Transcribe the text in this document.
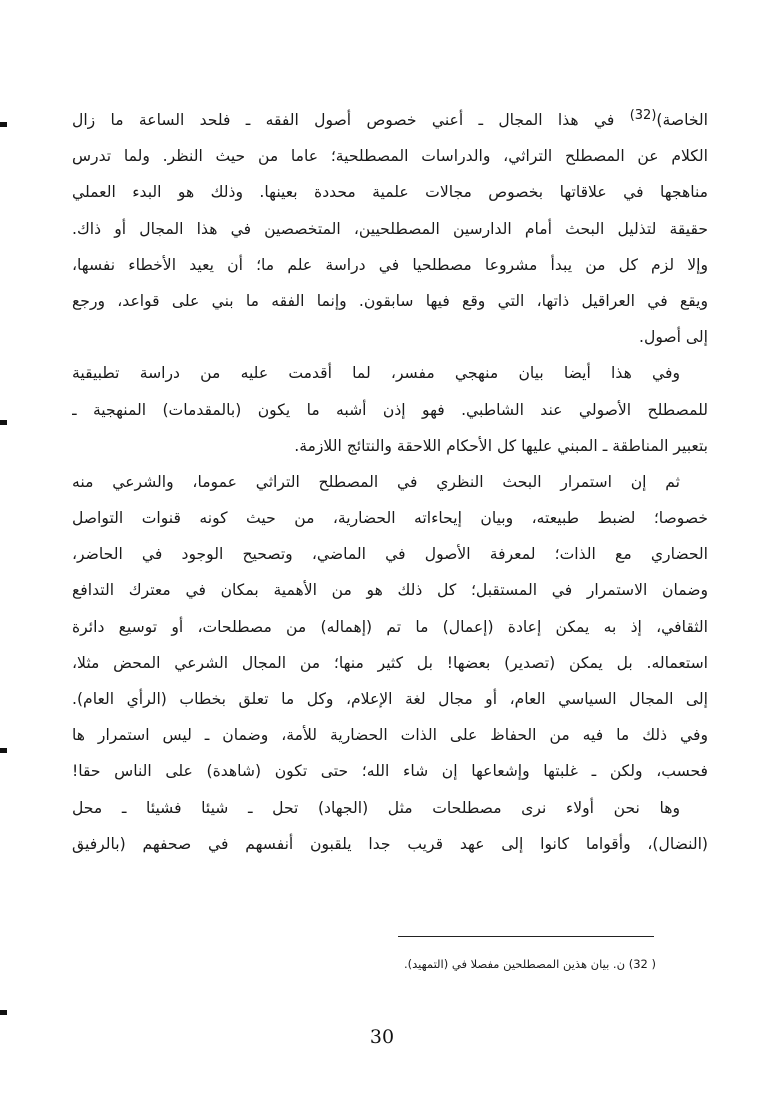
الخاصة)$^{(32)}$ في هذا المجال ـ أعني خصوص أصول الفقه ـ فلحد الساعة ما زال
الكلام عن المصطلح التراثي، والدراسات المصطلحية؛ عاما من حيث النظر. ولما تدرس
مناهجها في علاقاتها بخصوص مجالات علمية محددة بعينها. وذلك هو البدء العملي
حقيقة لتذليل البحث أمام الدارسين المصطلحيين، المتخصصين في هذا المجال أو ذاك.
وإلا لزم كل من يبدأ مشروعا مصطلحيا في دراسة علم ما؛ أن يعيد الأخطاء نفسها،
ويقع في العراقيل ذاتها، التي وقع فيها سابقون. وإنما الفقه ما بني على قواعد، ورجع
إلى أصول.
وفي هذا أيضا بيان منهجي مفسر، لما أقدمت عليه من دراسة تطبيقية
للمصطلح الأصولي عند الشاطبي. فهو إذن أشبه ما يكون (بالمقدمات) المنهجية ـ
بتعبير المناطقة ـ المبني عليها كل الأحكام اللاحقة والنتائج اللازمة.
ثم إن استمرار البحث النظري في المصطلح التراثي عموما، والشرعي منه
خصوصا؛ لضبط طبيعته، وبيان إيحاءاته الحضارية، من حيث كونه قنوات التواصل
الحضاري مع الذات؛ لمعرفة الأصول في الماضي، وتصحيح الوجود في الحاضر،
وضمان الاستمرار في المستقبل؛ كل ذلك هو من الأهمية بمكان في معترك التدافع
الثقافي، إذ به يمكن إعادة (إعمال) ما تم (إهماله) من مصطلحات، أو توسيع دائرة
استعماله. بل يمكن (تصدير) بعضها! بل كثير منها؛ من المجال الشرعي المحض مثلا،
إلى المجال السياسي العام، أو مجال لغة الإعلام، وكل ما تعلق بخطاب (الرأي العام).
وفي ذلك ما فيه من الحفاظ على الذات الحضارية للأمة، وضمان ـ ليس استمرار ها
فحسب، ولكن ـ غلبتها وإشعاعها إن شاء الله؛ حتى تكون (شاهدة) على الناس حقا!
وها نحن أولاء نرى مصطلحات مثل (الجهاد) تحل ـ شيئا فشيئا ـ محل
(النضال)، وأقواما كانوا إلى عهد قريب جدا يلقبون أنفسهم في صحفهم (بالرفيق
( 32) ن. بيان هذين المصطلحين مفصلا في (التمهيد).
30
